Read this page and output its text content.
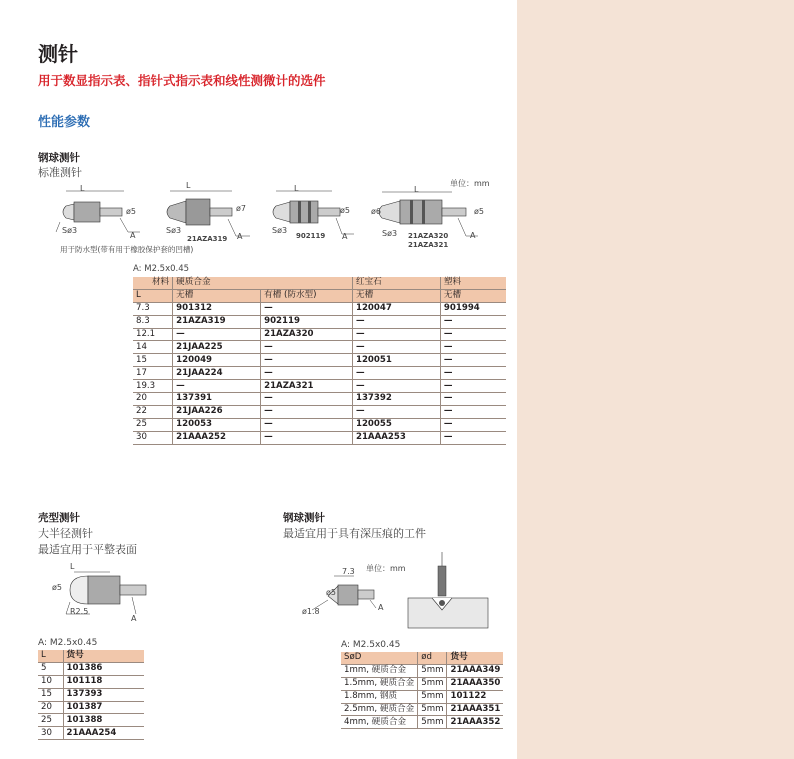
测针
用于数显指示表、指针式指示表和线性测微计的选件
性能参数
钢球测针
标准测针
单位：mm
L
Sø3
A
ø5
L
Sø3
A
ø7
21AZA319
L
Sø3
A
ø5
902119
L
Sø3	A
ø6	ø5
21AZA320
21AZA321
用于防水型(带有用于橡胶保护套的凹槽)
A: M2.5x0.45
材料	硬质合金		红宝石	塑料
L	无槽	有槽 (防水型)	无槽	无槽
7.3	901312	—	120047	901994
8.3	21AZA319	902119	—	—
12.1	—	21AZA320	—	—
14	21JAA225	—	—	—
15	120049	—	120051	—
17	21JAA224	—	—	—
19.3	—	21AZA321	—	—
20	137391	—	137392	—
22	21JAA226	—	—	—
25	120053	—	120055	—
30	21AAA252	—	21AAA253	—
壳型测针
大半径测针
最适宜用于平整表面
L
ø5
R2.5
A
A: M2.5x0.45
L	货号
5	101386
10	101118
15	137393
20	101387
25	101388
30	21AAA254
钢球测针
最适宜用于具有深压痕的工件
7.3 单位：mm
ø5
ø1.8	A
A: M2.5x0.45
SøD	ød	货号
1mm, 硬质合金	5mm	21AAA349
1.5mm, 硬质合金	5mm	21AAA350
1.8mm, 钢质	5mm	101122
2.5mm, 硬质合金	5mm	21AAA351
4mm, 硬质合金	5mm	21AAA352
